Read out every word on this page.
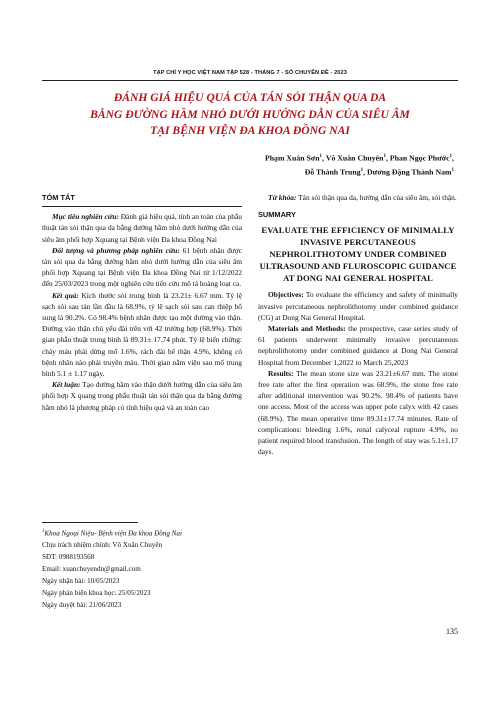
TẠP CHÍ Y HỌC VIỆT NAM TẬP 528 - THÁNG 7 - SỐ CHUYÊN ĐỀ - 2023
ĐÁNH GIÁ HIỆU QUẢ CỦA TÁN SỎI THẬN QUA DA
BẰNG ĐƯỜNG HẦM NHỎ DƯỚI HƯỚNG DẪN CỦA SIÊU ÂM
TẠI BỆNH VIỆN ĐA KHOA ĐỒNG NAI
Phạm Xuân Sơn$^1$, Võ Xuân Chuyên$^1$, Phan Ngọc Phước$^1$,
Đỗ Thành Trung$^1$, Dương Đặng Thành Nam$^1$
TÓM TẮT

Mục tiêu nghiên cứu: Đánh giá hiệu quả, tính an toàn của phẫu thuật tán sỏi thận qua da bằng đường hầm nhỏ dưới hướng dẫn của siêu âm phối hợp Xquang tại Bệnh viện Đa khoa Đồng Nai

Đối tượng và phương pháp nghiên cứu: 61 bệnh nhân được tán sỏi qua da bằng đường hầm nhỏ dưới hướng dẫn của siêu âm phối hợp Xquang tại Bệnh viện Đa khoa Đồng Nai từ 1/12/2022 đến 25/03/2023 trong một nghiên cứu tiến cứu mô tả hoàng loạt ca.

Kết quả: Kích thước sỏi trung bình là 23.21± 6.67 mm. Tỷ lệ sạch sỏi sau tán lần đầu là 68.9%, tỷ lệ sạch sỏi sau can thiệp bổ sung là 90.2%. Có 98.4% bệnh nhân được tạo một đường vào thận. Đường vào thận chủ yếu đài trên với 42 trường hợp (68.9%). Thời gian phẫu thuật trung bình là 89.31± 17.74 phút. Tỷ lệ biến chứng: chảy máu phải dừng mổ 1.6%, rách đài bể thận 4.9%, không có bệnh nhân nào phải truyền máu. Thời gian nằm viện sau mổ trung bình 5.1 ± 1.17 ngày.

Kết luận: Tạo đường hầm vào thận dưới hướng dẫn của siêu âm phối hợp X quang trong phẫu thuật tán sỏi thận qua da bằng đường hầm nhỏ là phương pháp có tính hiệu quả và an toàn cao

$^1$Khoa Ngoại Niệu- Bệnh viện Đa khoa Đồng Nai
Chịu trách nhiệm chính: Võ Xuân Chuyên
SĐT: 0988193568
Email: xuanchuyendn@gmail.com
Ngày nhận bài: 10/05/2023
Ngày phản biện khoa học: 25/05/2023
Ngày duyệt bài: 21/06/2023

Từ khóa: Tán sỏi thận qua da, hướng dẫn của siêu âm, sỏi thận.

SUMMARY
EVALUATE THE EFFICIENCY OF MINIMALLY INVASIVE PERCUTANEOUS NEPHROLITHOTOMY UNDER COMBINED ULTRASOUND AND FLUROSCOPIC GUIDANCE AT DONG NAI GENERAL HOSPITAL

Objectives: To evaluate the efficiency and safety of minimally invasive percutaneous nephrolithotomy under combined guidance (CG) at Dong Nai General Hospital.

Materials and Methods: the prospective, case series study of 61 patients underwent minimally invasive percutaneous nephrolithotomy under combined guidance at Dong Nai General Hospital from December 1,2022 to March 25,2023

Results: The mean stone size was 23.21±6.67 mm. The stone free rate after the first operation was 68.9%, the stone free rate after additional intervention was 90.2%. 98.4% of patients have one access. Most of the access was upper pole calyx with 42 cases (68.9%). The mean operative time 89.31±17.74 minutes. Rate of complications: bleeding 1.6%, renal calyceal rupture 4.9%, no patient required blood transfusion. The length of stay was 5.1±1.17 days.

135
